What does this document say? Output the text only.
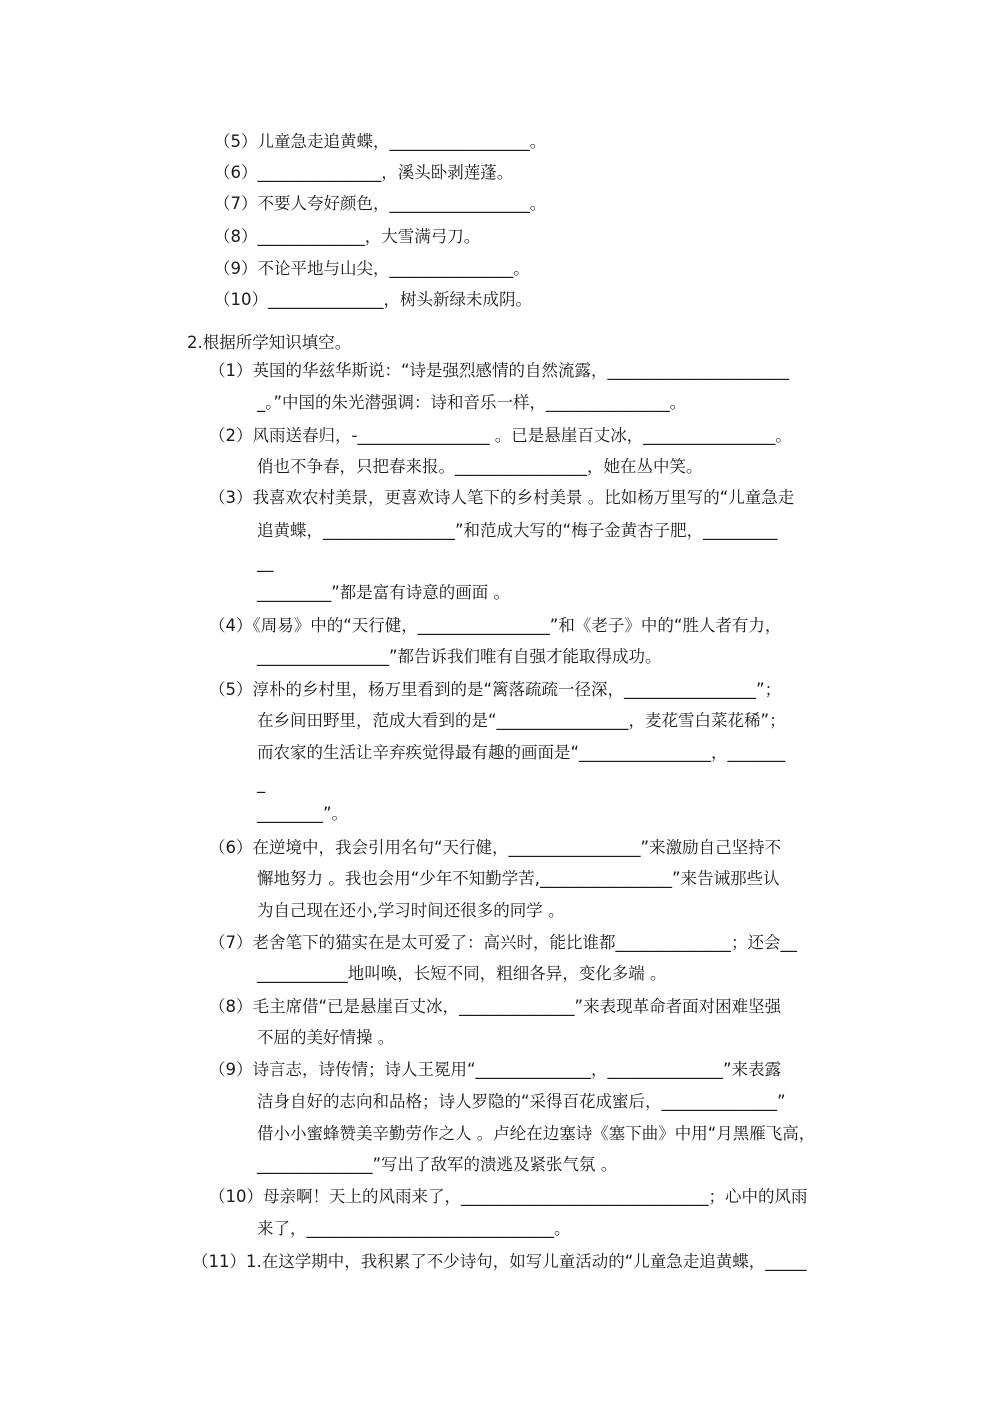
（5）儿童急走追黄蝶，_________________。
（6）_______________，溪头卧剥莲蓬。
（7）不要人夸好颜色，_________________。
（8）_____________，大雪满弓刀。
（9）不论平地与山尖，_______________。
（10）______________，树头新绿未成阴。
2.根据所学知识填空。
（1）英国的华兹华斯说：“诗是强烈感情的自然流露，______________________
_。”中国的朱光潜强调：诗和音乐一样，_______________。
（2）风雨送春归，-________________ 。已是悬崖百丈冰，________________。
俏也不争春，只把春来报。________________，她在丛中笑。
（3）我喜欢农村美景，更喜欢诗人笔下的乡村美景 。比如杨万里写的“儿童急走
追黄蝶，________________”和范成大写的“梅子金黄杏子肥，_________
__
_________”都是富有诗意的画面 。
（4）《周易》中的“天行健，________________”和《老子》中的“胜人者有力，
________________”都告诉我们唯有自强才能取得成功。
（5）淳朴的乡村里，杨万里看到的是“篱落疏疏一径深，________________”；
在乡间田野里，范成大看到的是“________________，麦花雪白菜花稀”；
而农家的生活让辛弃疾觉得最有趣的画面是“________________，_______
_
________”。
（6）在逆境中，我会引用名句“天行健，________________”来激励自己坚持不
懈地努力 。我也会用“少年不知勤学苦,________________”来告诫那些认
为自己现在还小,学习时间还很多的同学 。
（7）老舍笔下的猫实在是太可爱了：高兴时，能比谁都______________；还会__
___________地叫唤，长短不同，粗细各异，变化多端 。
（8）毛主席借“已是悬崖百丈冰，______________”来表现革命者面对困难坚强
不屈的美好情操 。
（9）诗言志，诗传情；诗人王冕用“______________，______________”来表露
洁身自好的志向和品格；诗人罗隐的“采得百花成蜜后，______________”
借小小蜜蜂赞美辛勤劳作之人 。卢纶在边塞诗《塞下曲》中用“月黑雁飞高，
______________”写出了敌军的溃逃及紧张气氛 。
（10）母亲啊！天上的风雨来了，______________________________；心中的风雨
来了，______________________________。
（11）1.在这学期中，我积累了不少诗句，如写儿童活动的“儿童急走追黄蝶，_____
